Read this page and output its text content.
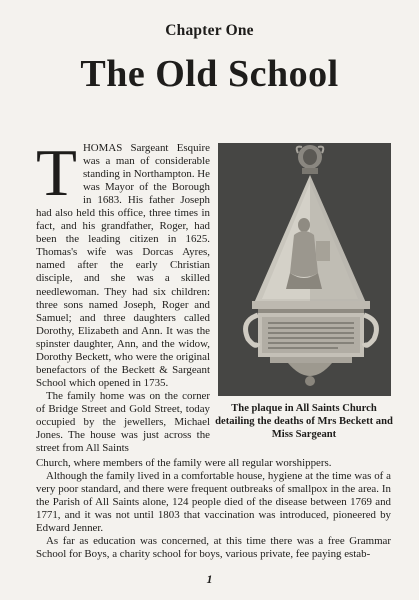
Chapter One
The Old School
T HOMAS Sargeant Esquire was a man of considerable standing in Northampton. He was Mayor of the Borough in 1683. His father Joseph had also held this office, three times in fact, and his grandfather, Roger, had been the leading citizen in 1625. Thomas's wife was Dorcas Ayres, named after the early Christian disciple, and she was a skilled needlewoman. They had six children: three sons named Joseph, Roger and Samuel; and three daughters called Dorothy, Elizabeth and Ann. It was the spinster daughter, Ann, and the widow, Dorothy Beckett, who were the original benefactors of the Beckett & Sargeant School which opened in 1735.

The family home was on the corner of Bridge Street and Gold Street, today occupied by the jewellers, Michael Jones. The house was just across the street from All Saints

The plaque in All Saints Church detailing the deaths of Mrs Beckett and Miss Sargeant

Church, where members of the family were all regular worshippers.

Although the family lived in a comfortable house, hygiene at the time was of a very poor standard, and there were frequent outbreaks of smallpox in the area. In the Parish of All Saints alone, 124 people died of the disease between 1769 and 1771, and it was not until 1803 that vaccination was introduced, pioneered by Edward Jenner.

As far as education was concerned, at this time there was a free Grammar School for Boys, a charity school for boys, various private, fee paying estab-

1
